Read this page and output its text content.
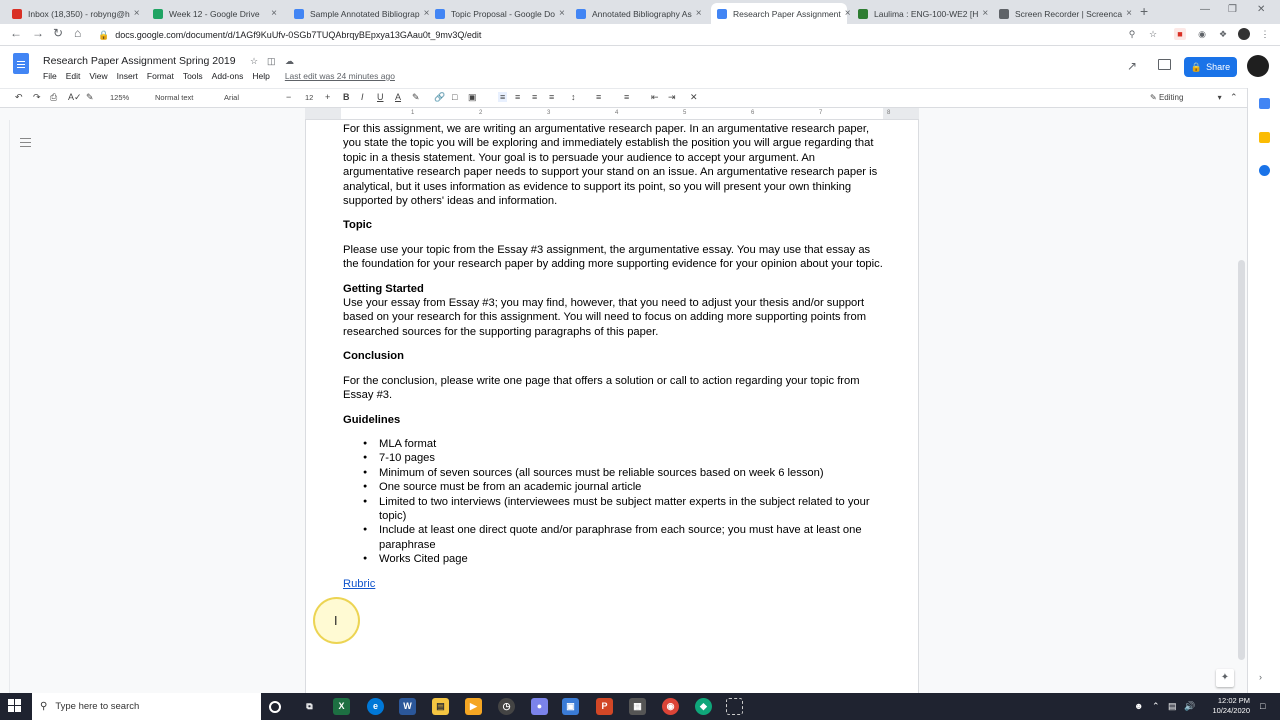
Inbox (18,350) - robyng@h ×	Week 12 - Google Drive	×	Sample Annotated Bibliograp ×	Topic Proposal - Google Do ×	Annotated Bibliography As ×	Research Paper Assignment ×	Laulima : ENG-100-WE2 [H ×	Screen Recorder | Screenca × +	— ❐ ✕
← → ↻ ⌂ 🔒 docs.google.com/document/d/1AGf9KuUfv-0SGb7TUQAbrqyBEpxya13GAau0t_9mv3Q/edit	⚲	☆	■	◉ ❖	⋮
Research Paper Assignment Spring 2019 ☆ ◫ ☁
File Edit View Insert Format Tools Add-ons Help Last edit was 24 minutes ago
↗	🔒 Share
↶ ↷ ⎙ A✓ ✎ 125%	Normal text	Arial	− 12 + B I U A ✎ 🔗 □ ▣	≡ ≡ ≡ ≡ ↕ ≡	≡ ⇤ ⇥ ✕	✎ Editing	▾ ⌃
1	2	3	4	5	6	7	8

For this assignment, we are writing an argumentative research paper. In an argumentative research paper, you state the topic you will be exploring and immediately establish the position you will argue regarding that topic in a thesis statement. Your goal is to persuade your audience to accept your argument. An argumentative research paper needs to support your stand on an issue. An argumentative research paper is analytical, but it uses information as evidence to support its point, so you will present your own thinking supported by others' ideas and information.

Topic

Please use your topic from the Essay #3 assignment, the argumentative essay. You may use that essay as the foundation for your research paper by adding more supporting evidence for your opinion about your topic.

Getting Started

Use your essay from Essay #3; you may find, however, that you need to adjust your thesis and/or support based on your research for this assignment. You will need to focus on adding more supporting points from researched sources for the supporting paragraphs of this paper.

Conclusion

For the conclusion, please write one page that offers a solution or call to action regarding your topic from Essay #3.

Guidelines

● MLA format
● 7-10 pages
● Minimum of seven sources (all sources must be reliable sources based on week 6 lesson)
● One source must be from an academic journal article
● Limited to two interviews (interviewees must be subject matter experts in the subject related to your topic)
● Include at least one direct quote and/or paraphrase from each source; you must have at least one paraphrase
● Works Cited page

Rubric

I
›
✦
⚲ Type here to search	⧉	X	e	W	▤	▶	◷	●	P
▣	▦	◉	◆	☻ ⌃ ▤ 🔊
12:02 PM
10/24/2020 □
